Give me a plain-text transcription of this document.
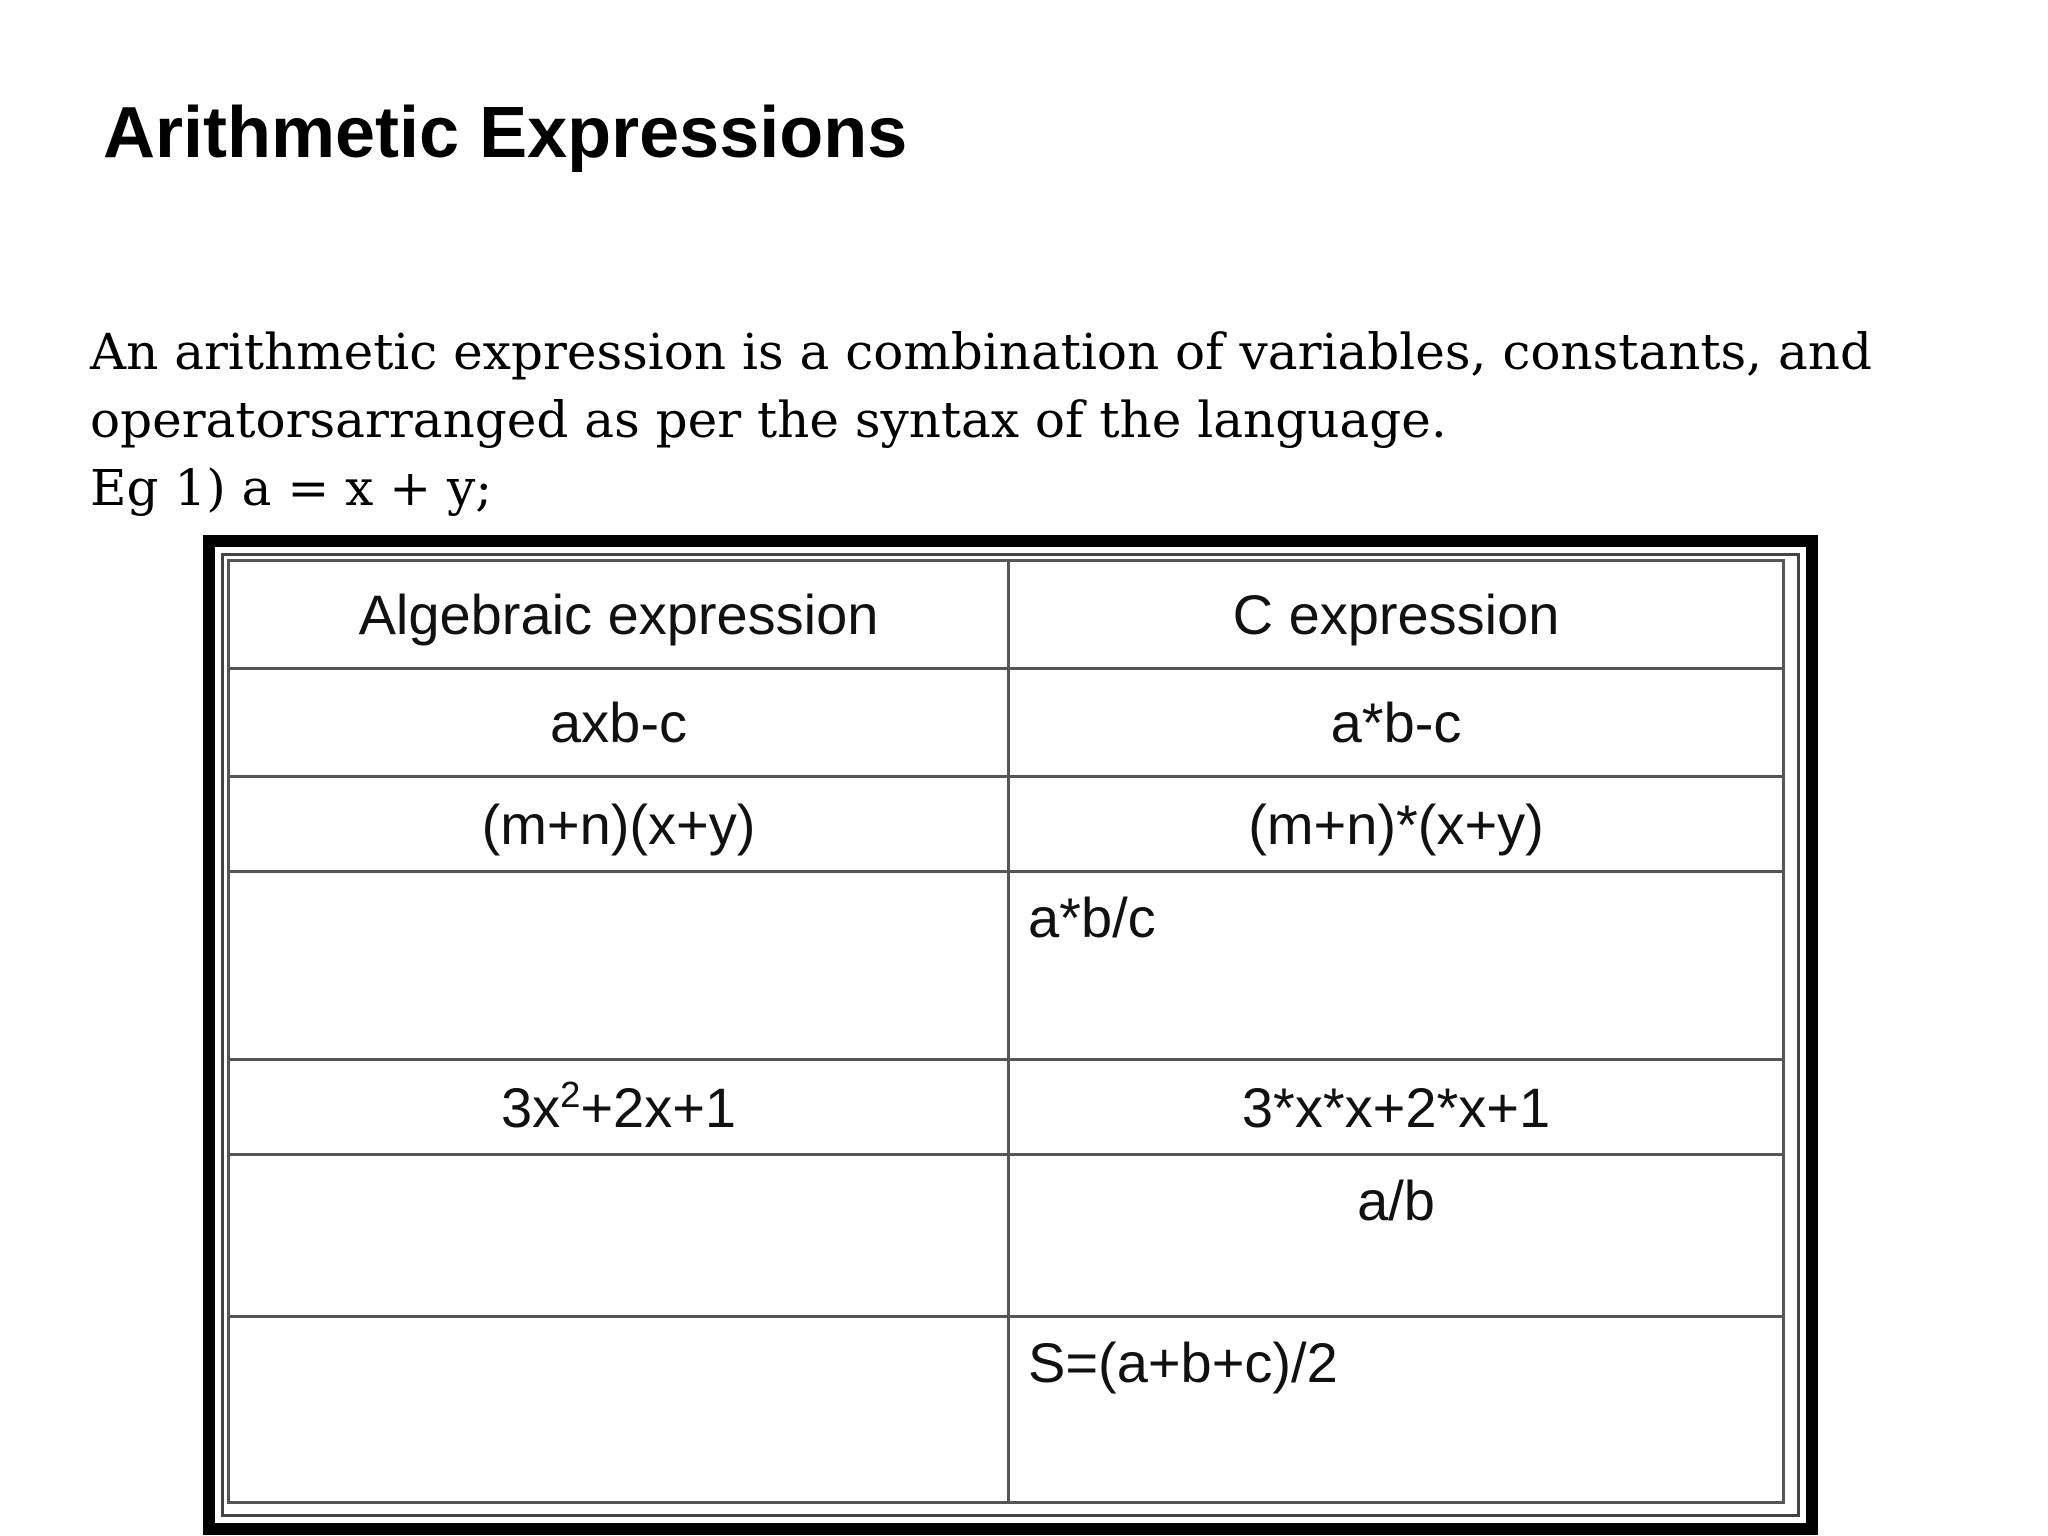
Arithmetic Expressions

An arithmetic expression is a combination of variables, constants, and

operatorsarranged as per the syntax of the language.

Eg 1) a = x + y;

Algebraic expression	C expression
axb-c	a*b-c
(m+n)(x+y)	(m+n)*(x+y)
	a*b/c
$3x^2+2x+1$	3*x*x+2*x+1
	a/b
	S=(a+b+c)/2
